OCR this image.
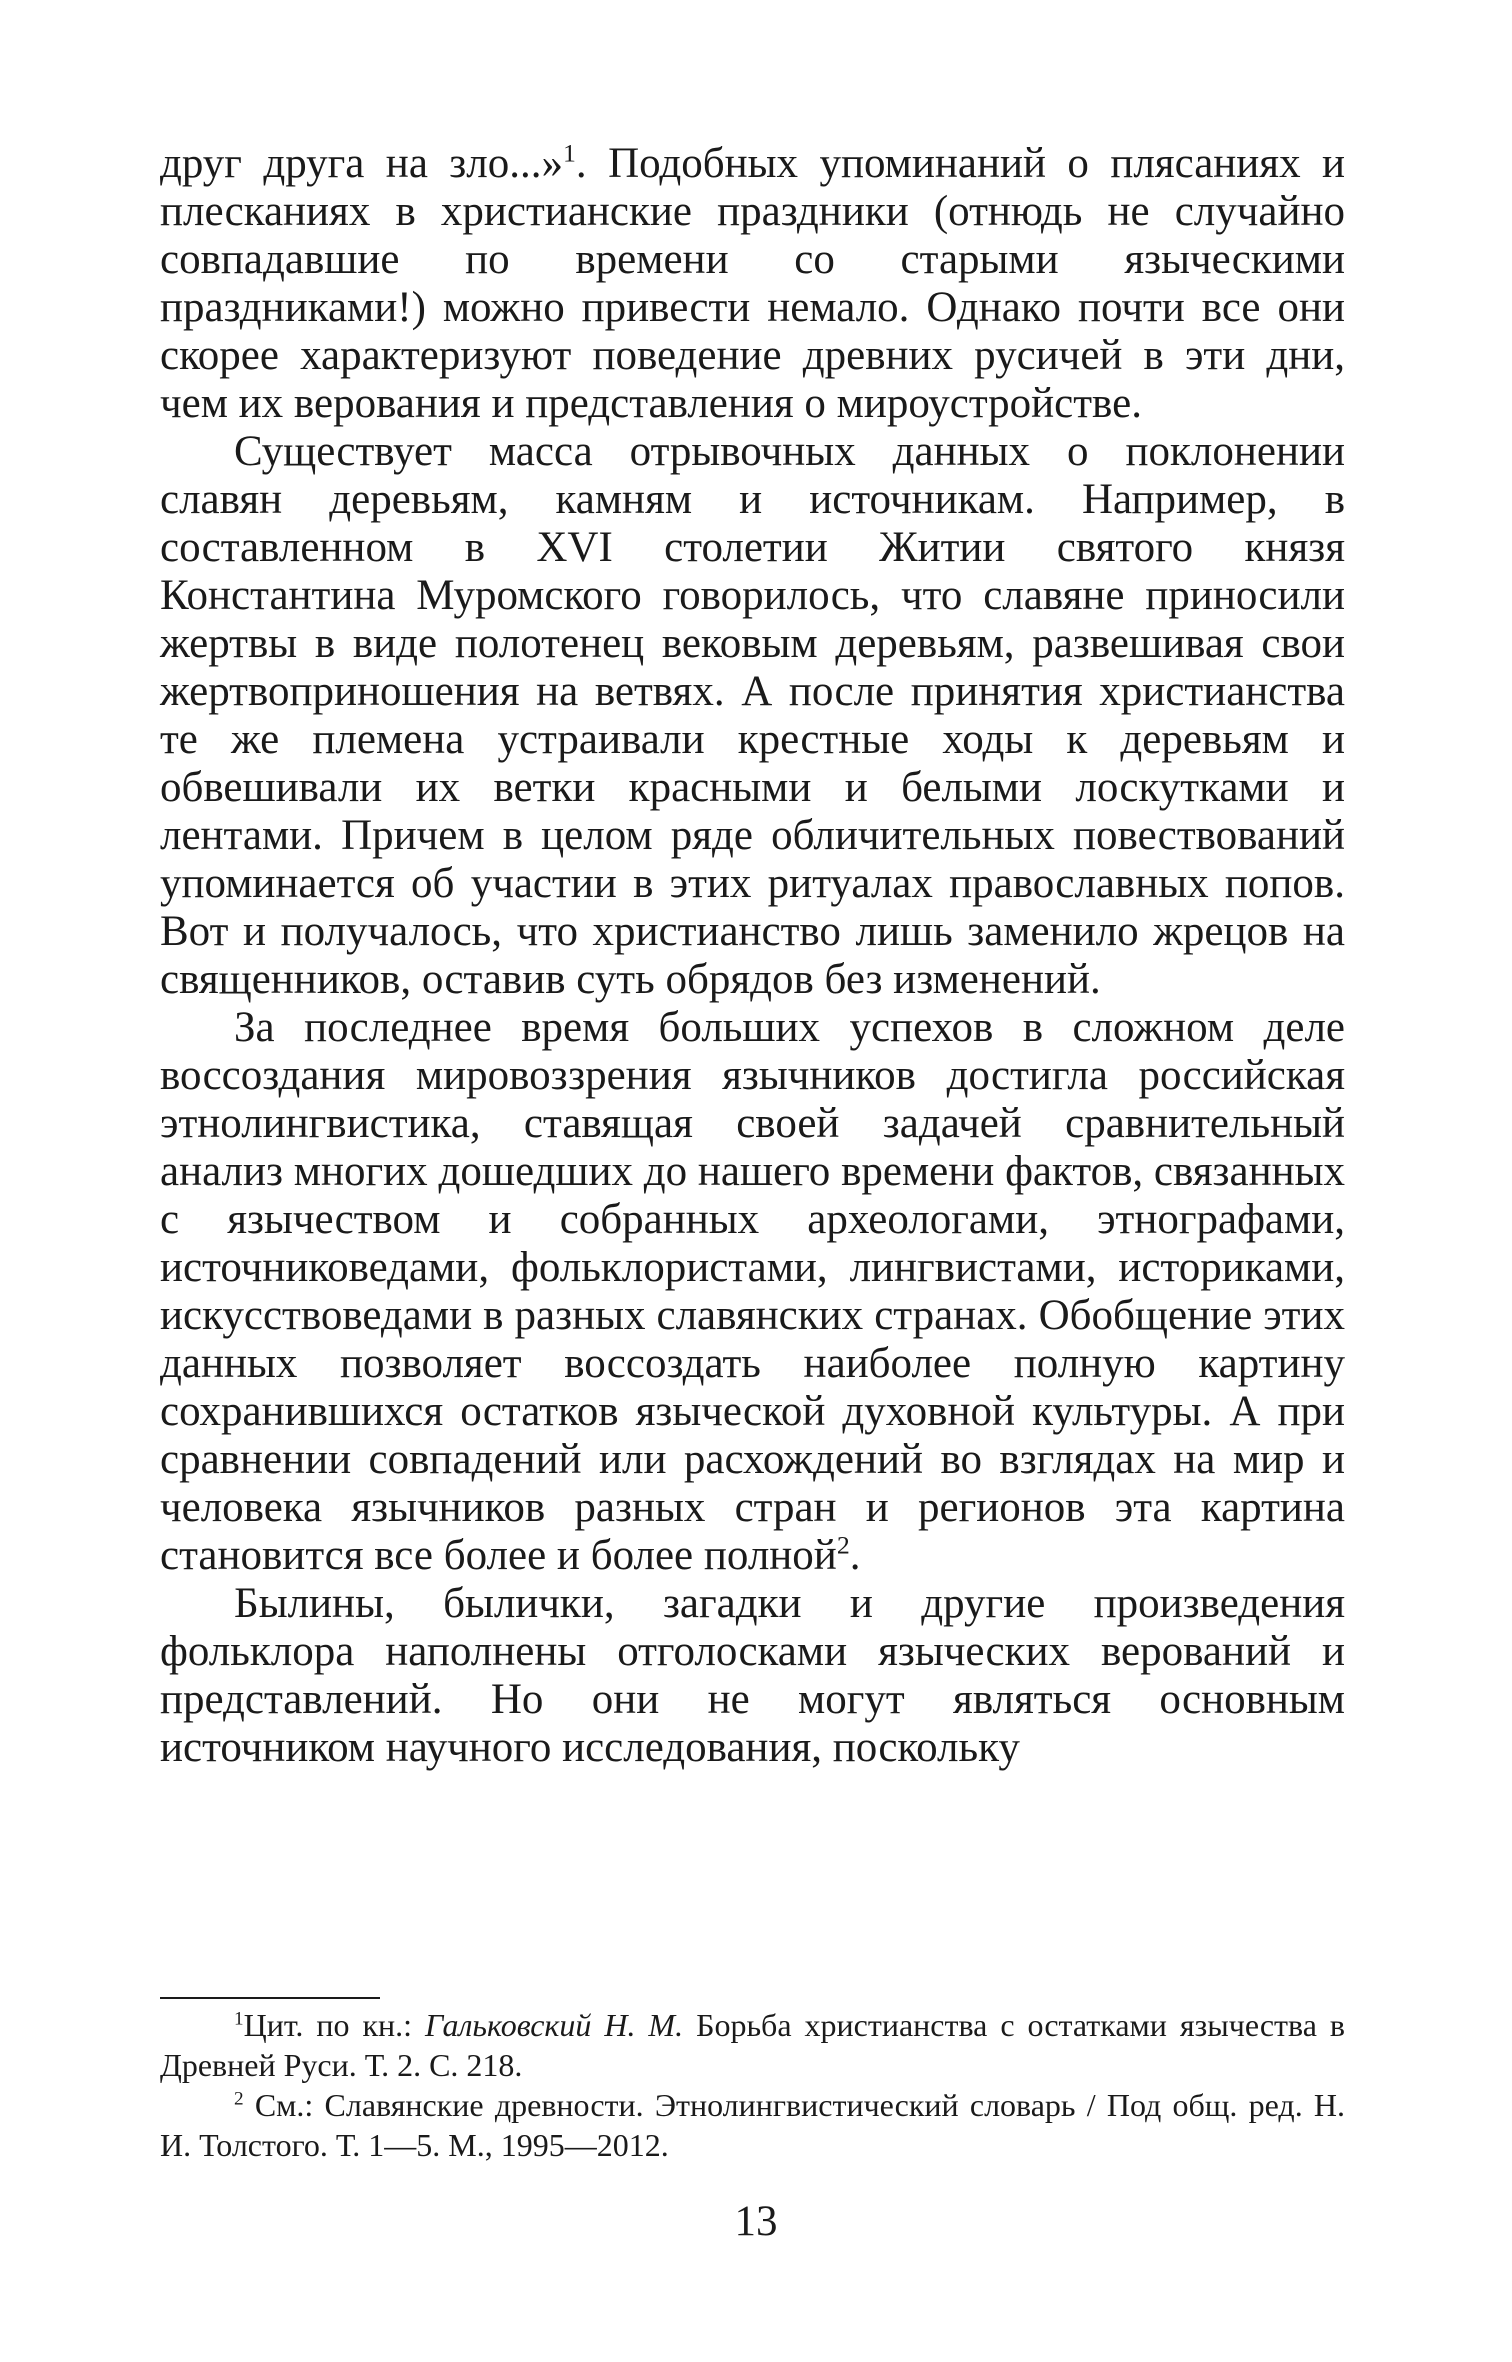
друг друга на зло...»$^1$. Подобных упоминаний о плясаниях и плесканиях в христианские праздники (отнюдь не случайно совпадавшие по времени со старыми языческими праздниками!) можно привести немало. Однако почти все они скорее характеризуют поведение древних русичей в эти дни, чем их верования и представления о мироустройстве.

Существует масса отрывочных данных о поклонении славян деревьям, камням и источникам. Например, в составленном в XVI столетии Житии святого князя Константина Муромского говорилось, что славяне приносили жертвы в виде полотенец вековым деревьям, развешивая свои жертвоприношения на ветвях. А после принятия христианства те же племена устраивали крестные ходы к деревьям и обвешивали их ветки красными и белыми лоскутками и лентами. Причем в целом ряде обличительных повествований упоминается об участии в этих ритуалах православных попов. Вот и получалось, что христианство лишь заменило жрецов на священников, оставив суть обрядов без изменений.

За последнее время больших успехов в сложном деле воссоздания мировоззрения язычников достигла российская этнолингвистика, ставящая своей задачей сравнительный анализ многих дошедших до нашего времени фактов, связанных с язычеством и собранных археологами, этнографами, источниковедами, фольклористами, лингвистами, историками, искусствоведами в разных славянских странах. Обобщение этих данных позволяет воссоздать наиболее полную картину сохранившихся остатков языческой духовной культуры. А при сравнении совпадений или расхождений во взглядах на мир и человека язычников разных стран и регионов эта картина становится все более и более полной$^2$.

Былины, былички, загадки и другие произведения фольклора наполнены отголосками языческих верований и представлений. Но они не могут являться основным источником научного исследования, поскольку

$^1$Цит. по кн.: Гальковский Н. М. Борьба христианства с остатками язычества в Древней Руси. Т. 2. С. 218.

$^2$ См.: Славянские древности. Этнолингвистический словарь / Под общ. ред. Н. И. Толстого. Т. 1—5. М., 1995—2012.

13
